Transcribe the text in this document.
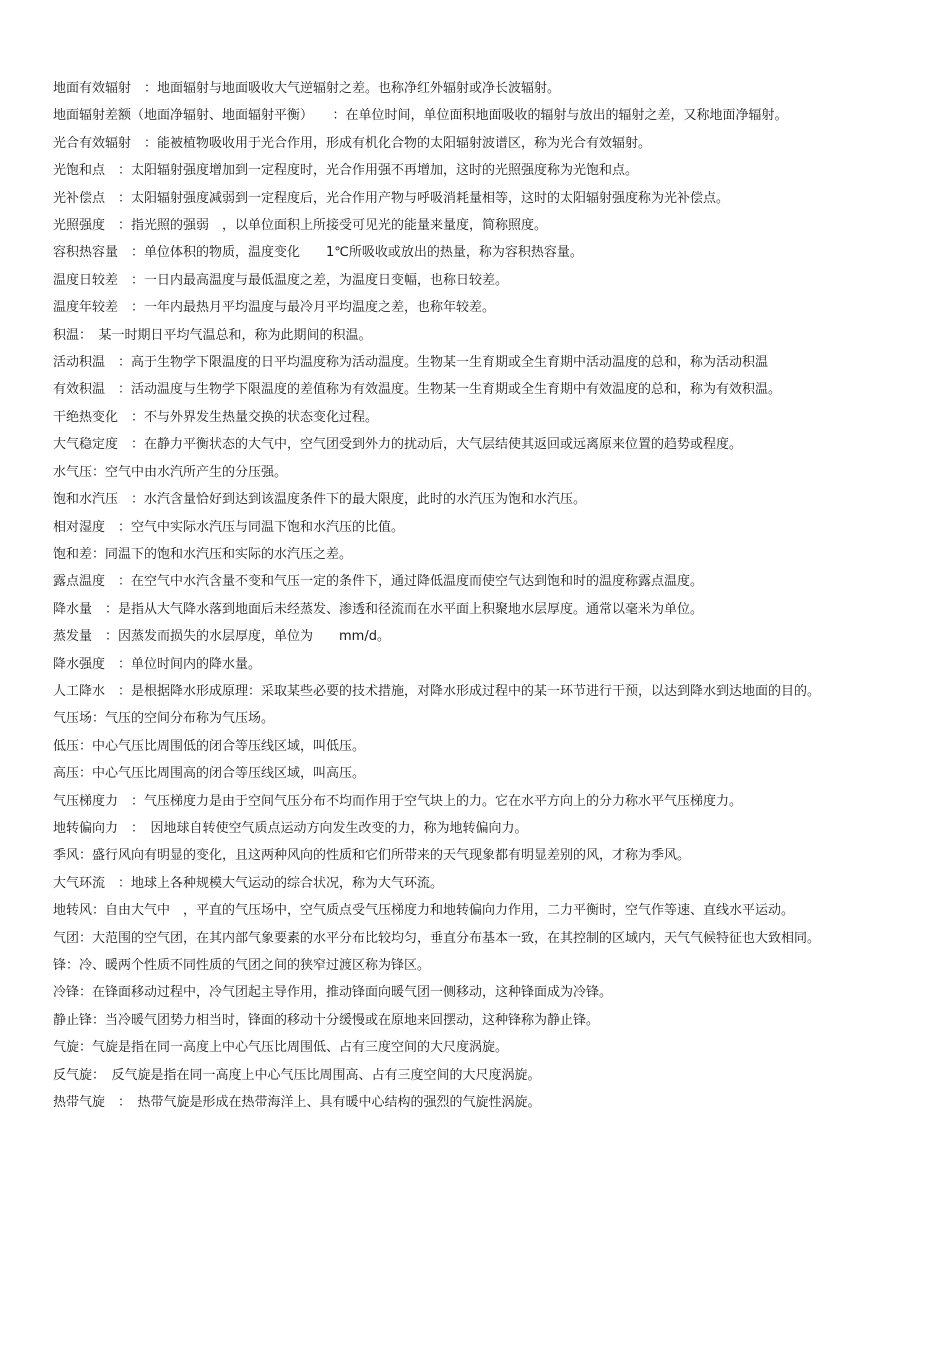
地面有效辐射　：地面辐射与地面吸收大气逆辐射之差。也称净红外辐射或净长波辐射。

地面辐射差额（地面净辐射、地面辐射平衡）　　：在单位时间，单位面积地面吸收的辐射与放出的辐射之差，又称地面净辐射。

光合有效辐射　：能被植物吸收用于光合作用，形成有机化合物的太阳辐射波谱区，称为光合有效辐射。

光饱和点　：太阳辐射强度增加到一定程度时，光合作用强不再增加，这时的光照强度称为光饱和点。

光补偿点　：太阳辐射强度减弱到一定程度后，光合作用产物与呼吸消耗量相等，这时的太阳辐射强度称为光补偿点。

光照强度　：指光照的强弱　，以单位面积上所接受可见光的能量来量度，简称照度。

容积热容量　：单位体积的物质，温度变化　　1℃所吸收或放出的热量，称为容积热容量。

温度日较差　：一日内最高温度与最低温度之差，为温度日变幅，也称日较差。

温度年较差　：一年内最热月平均温度与最冷月平均温度之差，也称年较差。

积温：　某一时期日平均气温总和，称为此期间的积温。

活动积温　：高于生物学下限温度的日平均温度称为活动温度。生物某一生育期或全生育期中活动温度的总和，称为活动积温

有效积温　：活动温度与生物学下限温度的差值称为有效温度。生物某一生育期或全生育期中有效温度的总和，称为有效积温。

干绝热变化　：不与外界发生热量交换的状态变化过程。

大气稳定度　：在静力平衡状态的大气中，空气团受到外力的扰动后，大气层结使其返回或远离原来位置的趋势或程度。

水气压：空气中由水汽所产生的分压强。

饱和水汽压　：水汽含量恰好到达到该温度条件下的最大限度，此时的水汽压为饱和水汽压。

相对湿度　：空气中实际水汽压与同温下饱和水汽压的比值。

饱和差：同温下的饱和水汽压和实际的水汽压之差。

露点温度　：在空气中水汽含量不变和气压一定的条件下，通过降低温度而使空气达到饱和时的温度称露点温度。

降水量　：是指从大气降水落到地面后未经蒸发、渗透和径流而在水平面上积聚地水层厚度。通常以毫米为单位。

蒸发量　：因蒸发而损失的水层厚度，单位为　　mm/d。

降水强度　：单位时间内的降水量。

人工降水　：是根据降水形成原理：采取某些必要的技术措施，对降水形成过程中的某一环节进行干预，以达到降水到达地面的目的。

气压场：气压的空间分布称为气压场。

低压：中心气压比周围低的闭合等压线区域，叫低压。

高压：中心气压比周围高的闭合等压线区域，叫高压。

气压梯度力　：气压梯度力是由于空间气压分布不均而作用于空气块上的力。它在水平方向上的分力称水平气压梯度力。

地转偏向力　：　因地球自转使空气质点运动方向发生改变的力，称为地转偏向力。

季风：盛行风向有明显的变化，且这两种风向的性质和它们所带来的天气现象都有明显差别的风，才称为季风。

大气环流　：地球上各种规模大气运动的综合状况，称为大气环流。

地转风：自由大气中　，平直的气压场中，空气质点受气压梯度力和地转偏向力作用，二力平衡时，空气作等速、直线水平运动。

气团：大范围的空气团，在其内部气象要素的水平分布比较均匀，垂直分布基本一致，在其控制的区域内，天气气候特征也大致相同。

锋：冷、暖两个性质不同性质的气团之间的狭窄过渡区称为锋区。

冷锋：在锋面移动过程中，冷气团起主导作用，推动锋面向暖气团一侧移动，这种锋面成为冷锋。

静止锋：当冷暖气团势力相当时，锋面的移动十分缓慢或在原地来回摆动，这种锋称为静止锋。

气旋：气旋是指在同一高度上中心气压比周围低、占有三度空间的大尺度涡旋。

反气旋：　反气旋是指在同一高度上中心气压比周围高、占有三度空间的大尺度涡旋。

热带气旋　：　热带气旋是形成在热带海洋上、具有暖中心结构的强烈的气旋性涡旋。
